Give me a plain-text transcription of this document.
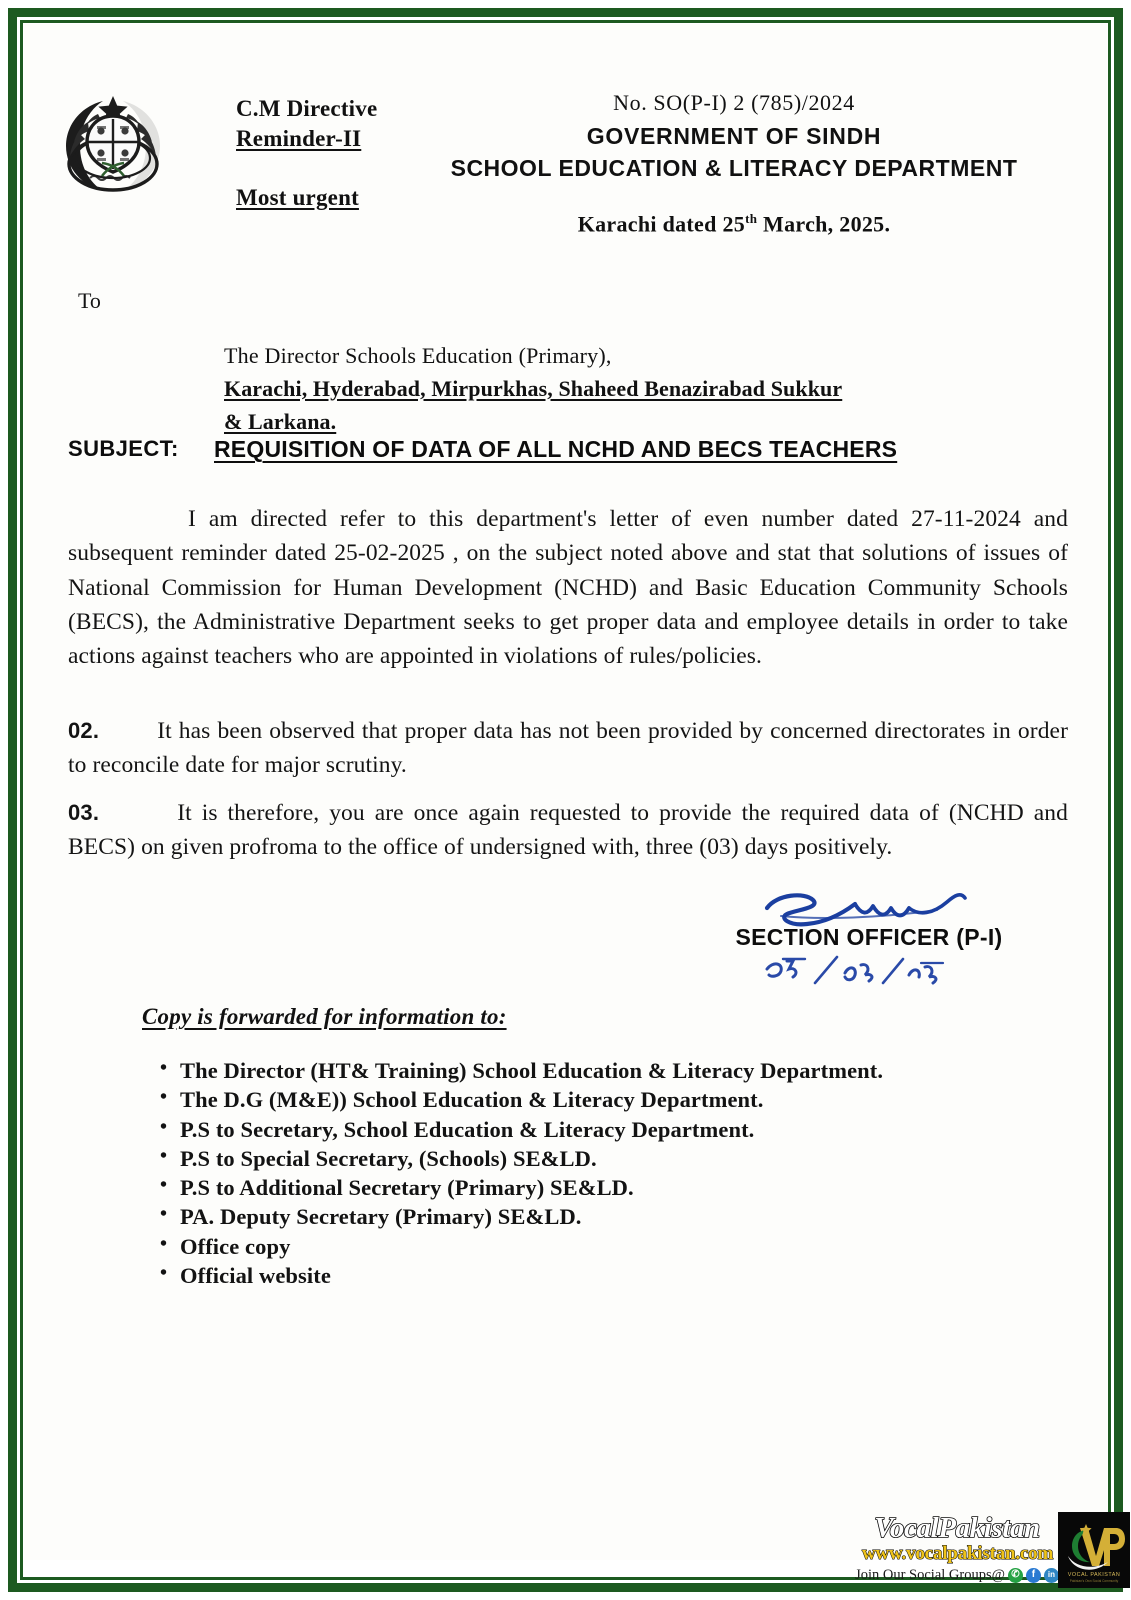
C.M Directive
Reminder-II
Most urgent
No. SO(P-I) 2 (785)/2024
GOVERNMENT OF SINDH
SCHOOL EDUCATION & LITERACY DEPARTMENT
Karachi dated 25th March, 2025.
To
The Director Schools Education (Primary),
Karachi, Hyderabad, Mirpurkhas, Shaheed Benazirabad Sukkur
& Larkana.
SUBJECT:	REQUISITION OF DATA OF ALL NCHD AND BECS TEACHERS
I am directed refer to this department's letter of even number dated 27-11-2024 and subsequent reminder dated 25-02-2025 , on the subject noted above and stat that solutions of issues of National Commission for Human Development (NCHD) and Basic Education Community Schools (BECS), the Administrative Department seeks to get proper data and employee details in order to take actions against teachers who are appointed in violations of rules/policies.
02. It has been observed that proper data has not been provided by concerned directorates in order to reconcile date for major scrutiny.
03.	It is therefore, you are once again requested to provide the required data of (NCHD and BECS) on given profroma to the office of undersigned with, three (03) days positively.
SECTION OFFICER (P-I)
Copy is forwarded for information to:
• The Director (HT& Training) School Education & Literacy Department.
• The D.G (M&E)) School Education & Literacy Department.
• P.S to Secretary, School Education & Literacy Department.
• P.S to Special Secretary, (Schools) SE&LD.
• P.S to Additional Secretary (Primary) SE&LD.
• PA. Deputy Secretary (Primary) SE&LD.
• Office copy
• Official website
VocalPakistan
www.vocalpakistan.com
Join Our Social Groups@ ✆	f	in	VOCAL PAKISTAN
Pakistan's Own Social Community
